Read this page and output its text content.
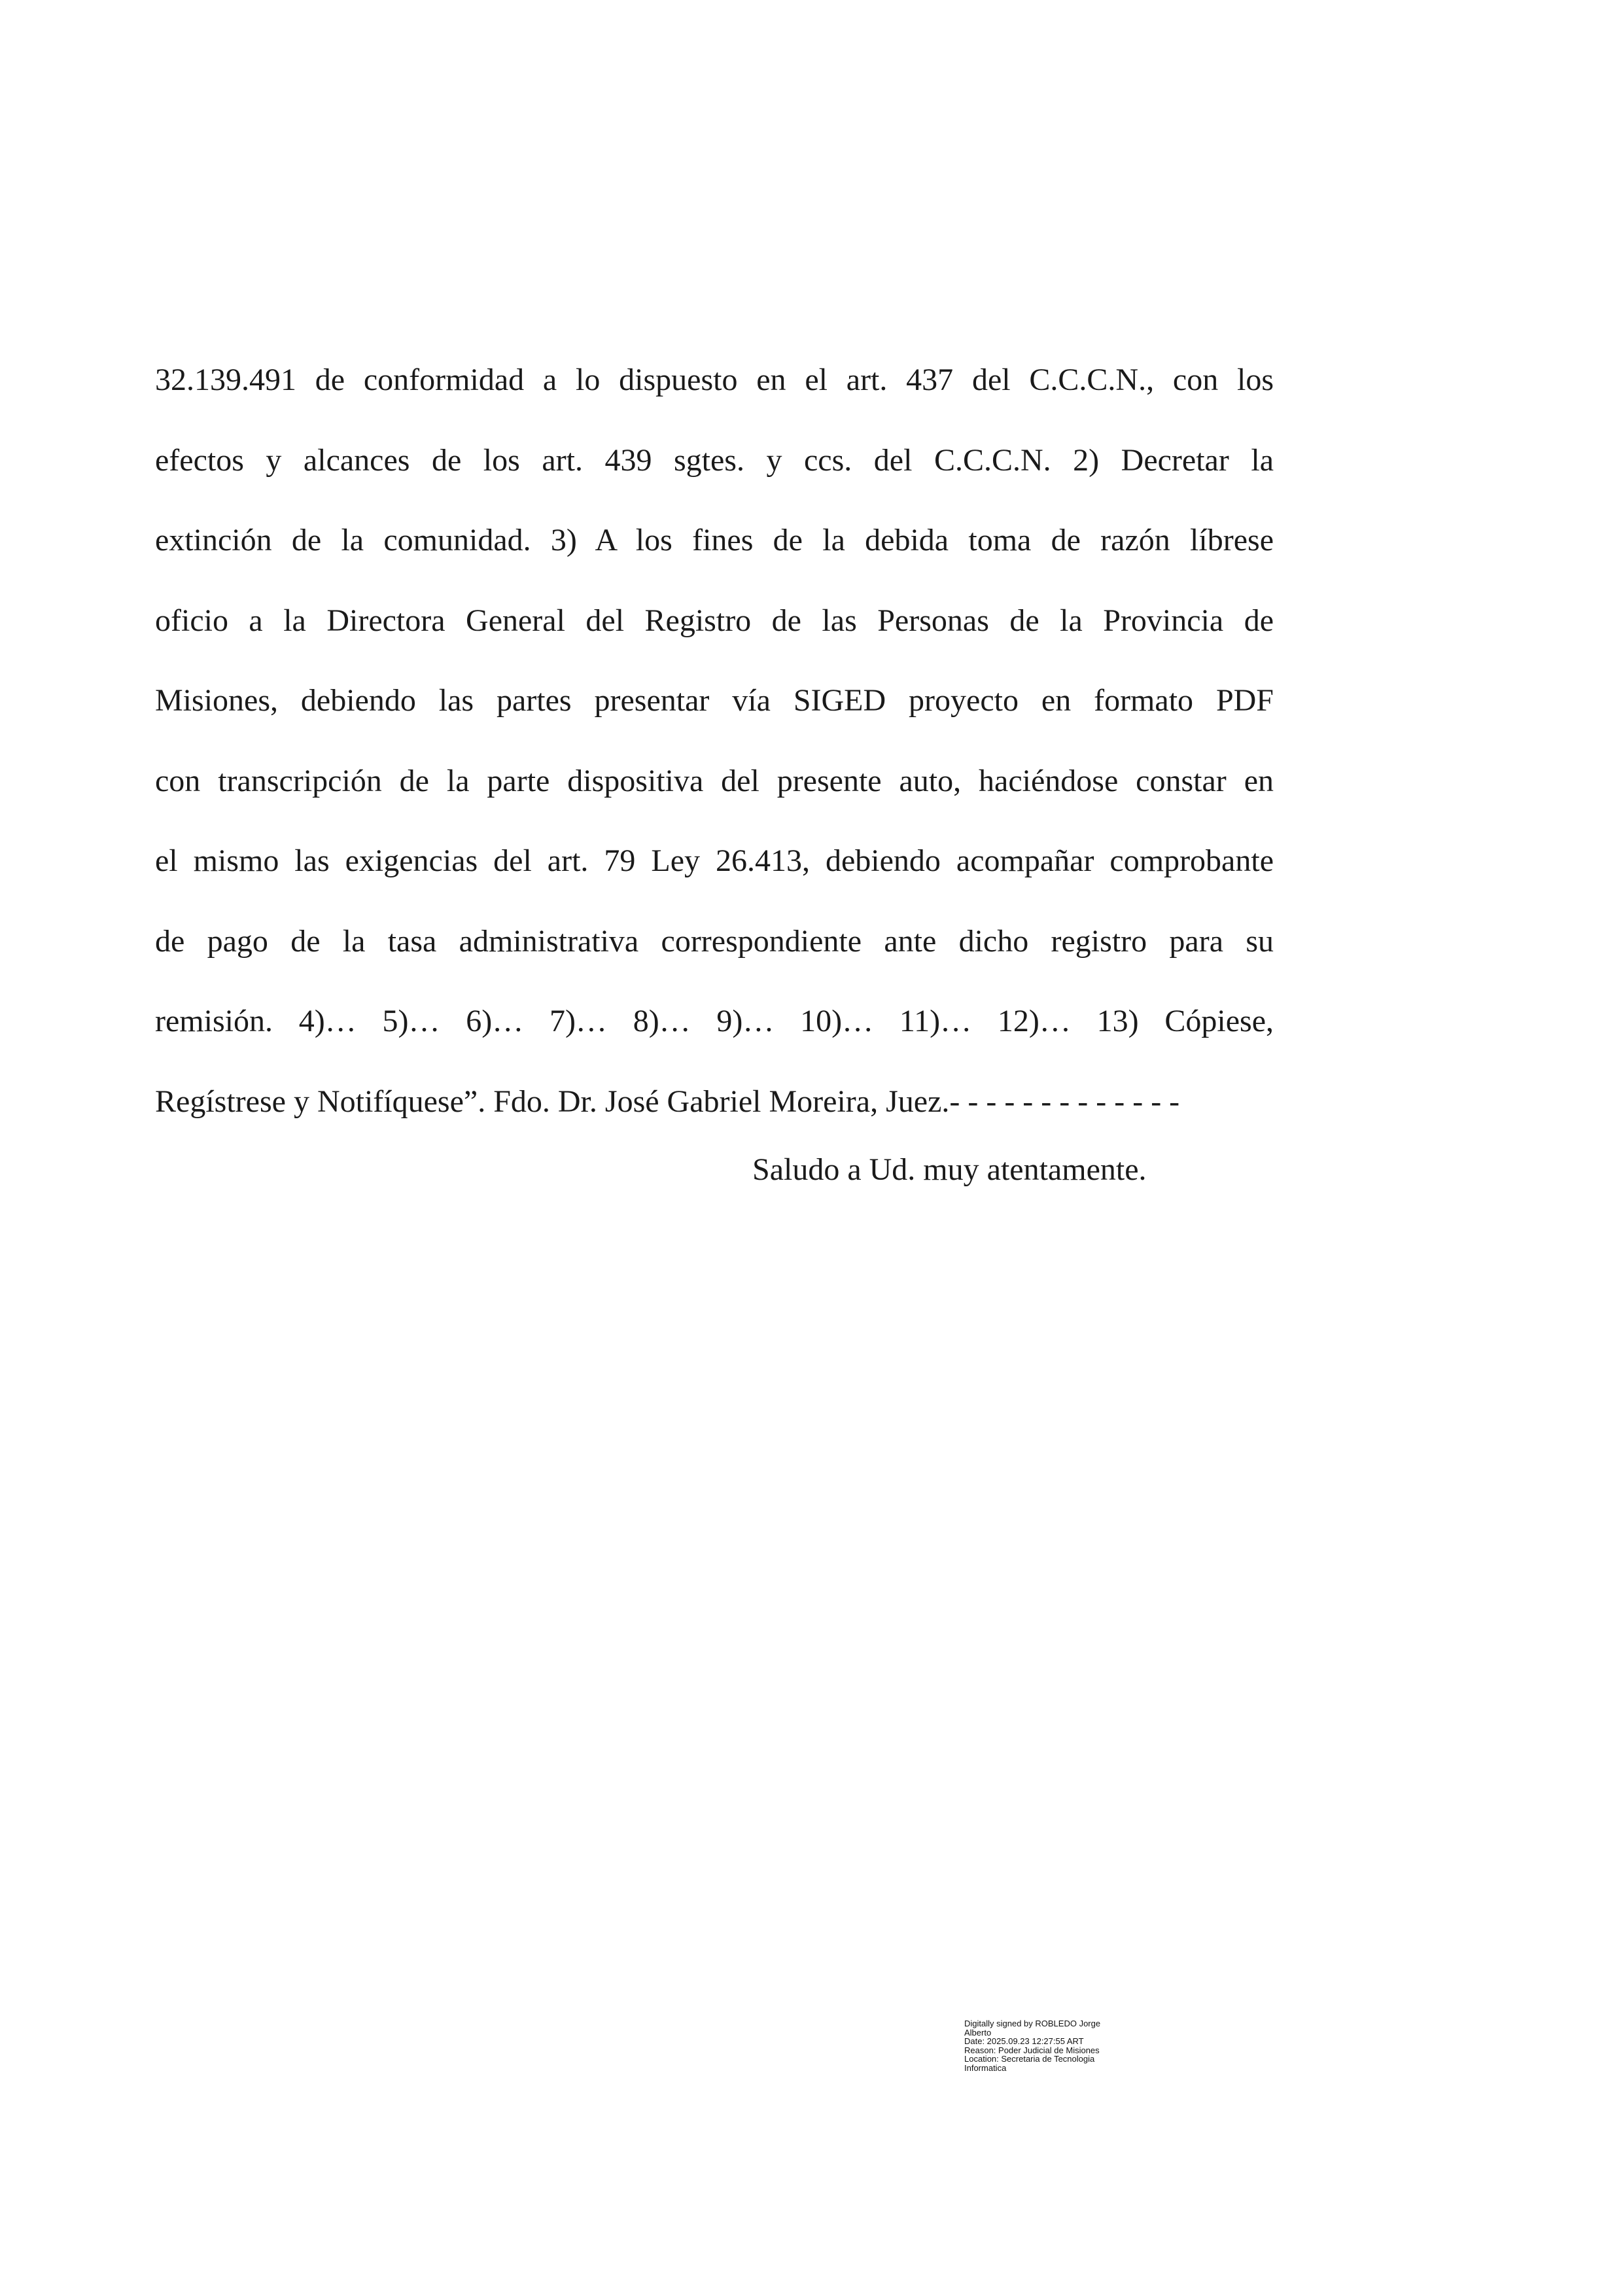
32.139.491 de conformidad a lo dispuesto en el art. 437 del C.C.C.N., con los
efectos y alcances de los art. 439 sgtes. y ccs. del C.C.C.N. 2) Decretar la
extinción de la comunidad. 3) A los fines de la debida toma de razón líbrese
oficio a la Directora General del Registro de las Personas de la Provincia de
Misiones, debiendo las partes presentar vía SIGED proyecto en formato PDF
con transcripción de la parte dispositiva del presente auto, haciéndose constar en
el mismo las exigencias del art. 79 Ley 26.413, debiendo acompañar comprobante
de pago de la tasa administrativa correspondiente ante dicho registro para su
remisión. 4)… 5)… 6)… 7)… 8)… 9)… 10)… 11)… 12)… 13) Cópiese,
Regístrese y Notifíquese”. Fdo. Dr. José Gabriel Moreira, Juez.- - - - - - - - - - - - -

Saludo a Ud. muy atentamente.

Digitally signed by ROBLEDO Jorge
Alberto
Date: 2025.09.23 12:27:55 ART
Reason: Poder Judicial de Misiones
Location: Secretaria de Tecnologia
Informatica
